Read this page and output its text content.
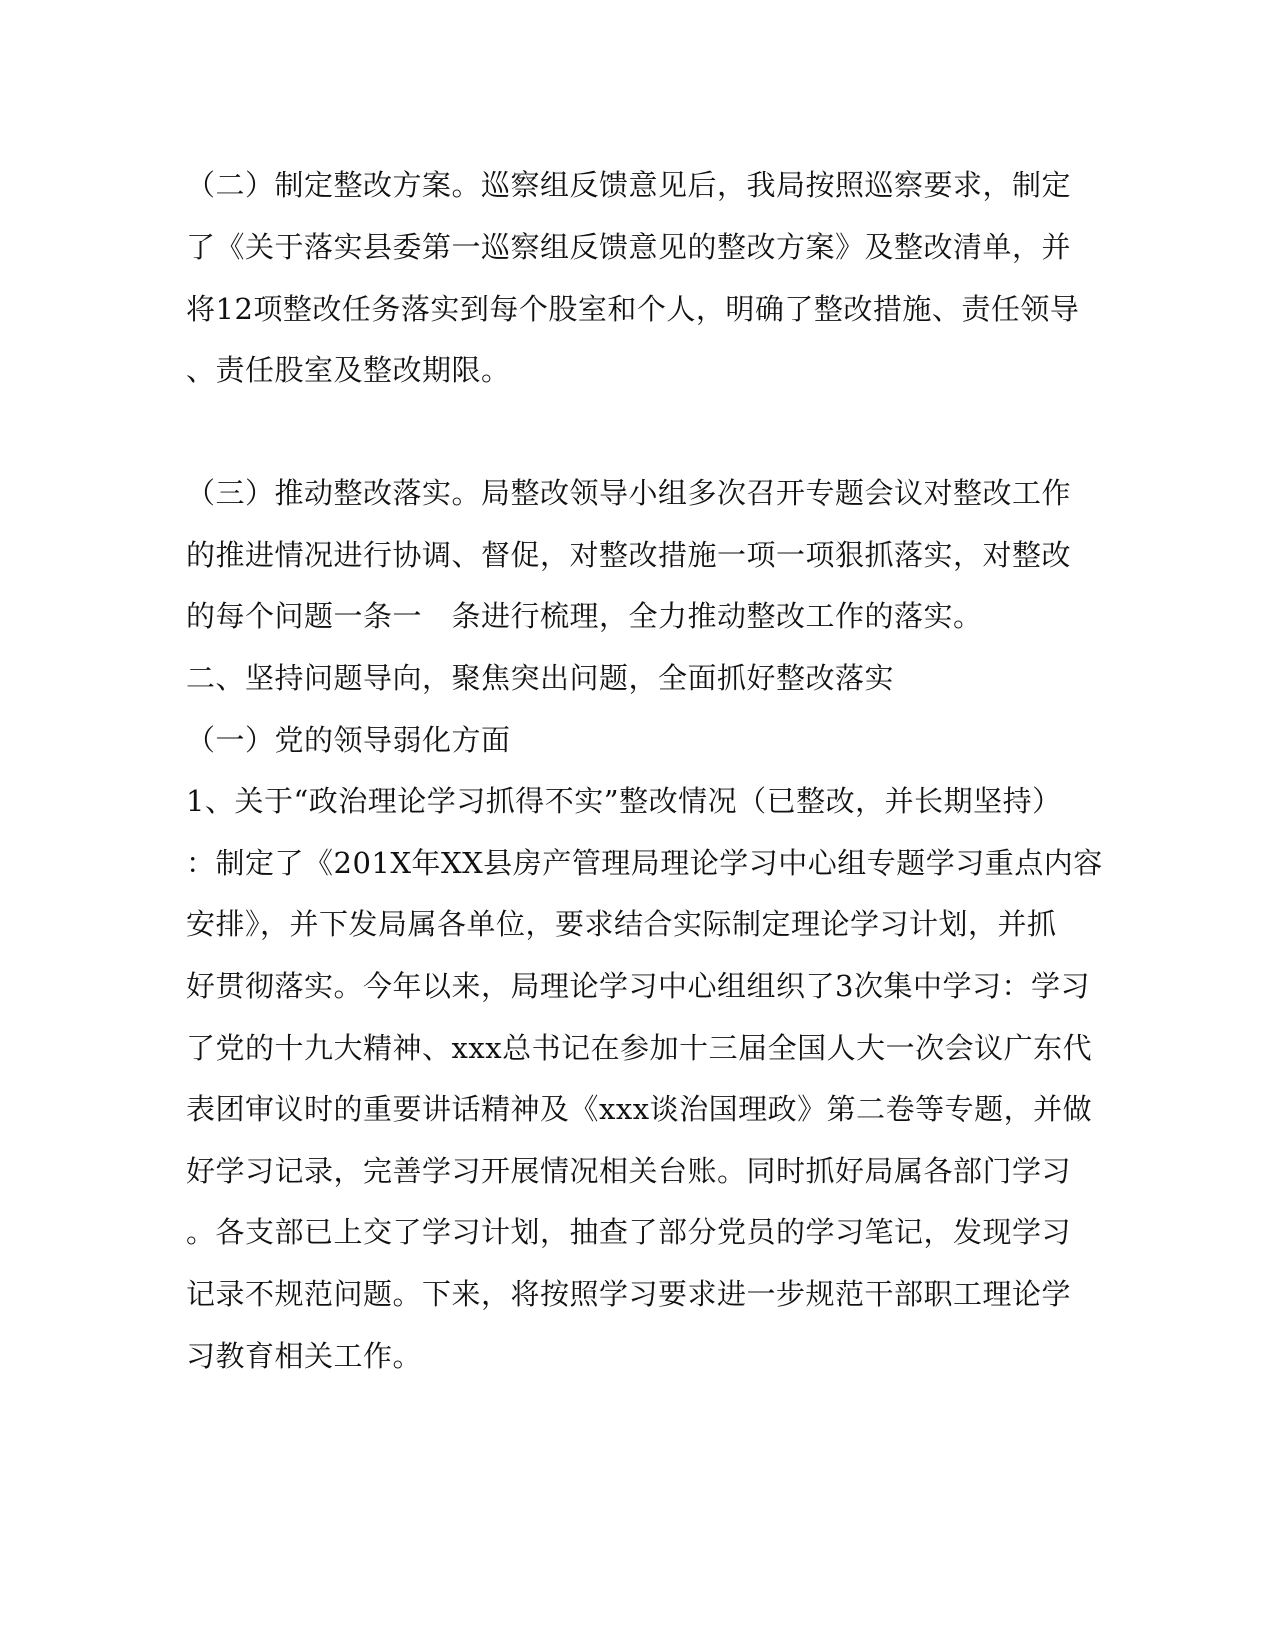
（二）制定整改方案。巡察组反馈意见后，我局按照巡察要求，制定
了《关于落实县委第一巡察组反馈意见的整改方案》及整改清单，并
将12项整改任务落实到每个股室和个人，明确了整改措施、责任领导
、责任股室及整改期限。
（三）推动整改落实。局整改领导小组多次召开专题会议对整改工作
的推进情况进行协调、督促，对整改措施一项一项狠抓落实，对整改
的每个问题一条一　条进行梳理，全力推动整改工作的落实。
二、坚持问题导向，聚焦突出问题，全面抓好整改落实
（一）党的领导弱化方面
1、关于“政治理论学习抓得不实”整改情况（已整改，并长期坚持）
：制定了《201X年XX县房产管理局理论学习中心组专题学习重点内容
安排》，并下发局属各单位，要求结合实际制定理论学习计划，并抓
好贯彻落实。今年以来，局理论学习中心组组织了3次集中学习：学习
了党的十九大精神、xxx总书记在参加十三届全国人大一次会议广东代
表团审议时的重要讲话精神及《xxx谈治国理政》第二卷等专题，并做
好学习记录，完善学习开展情况相关台账。同时抓好局属各部门学习
。各支部已上交了学习计划，抽查了部分党员的学习笔记，发现学习
记录不规范问题。下来，将按照学习要求进一步规范干部职工理论学
习教育相关工作。
